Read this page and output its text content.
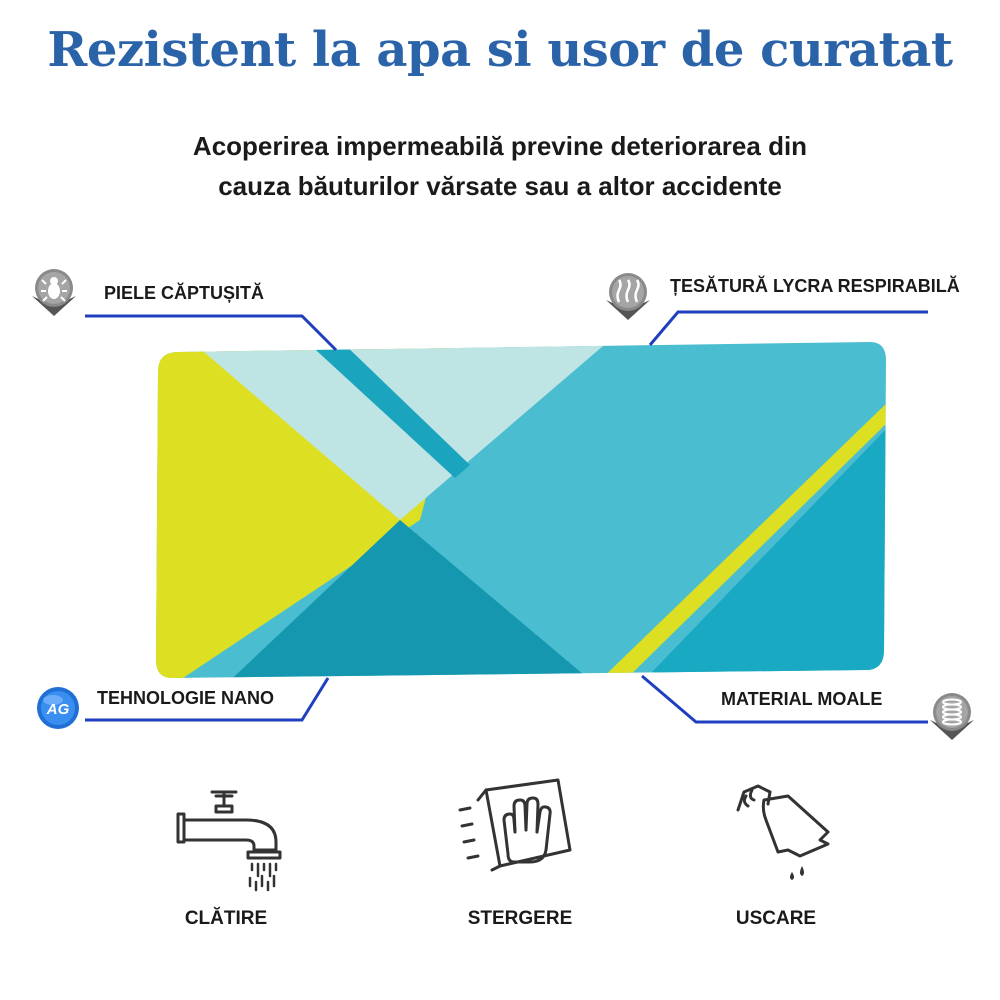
Rezistent la apa si usor de curatat

Acoperirea impermeabilă previne deteriorarea din
cauza băuturilor vărsate sau a altor accidente

PIELE CĂPTUȘITĂ	ȚESĂTURĂ LYCRA RESPIRABILĂ
AG
TEHNOLOGIE NANO	MATERIAL MOALE
CLĂTIRE	STERGERE	USCARE
